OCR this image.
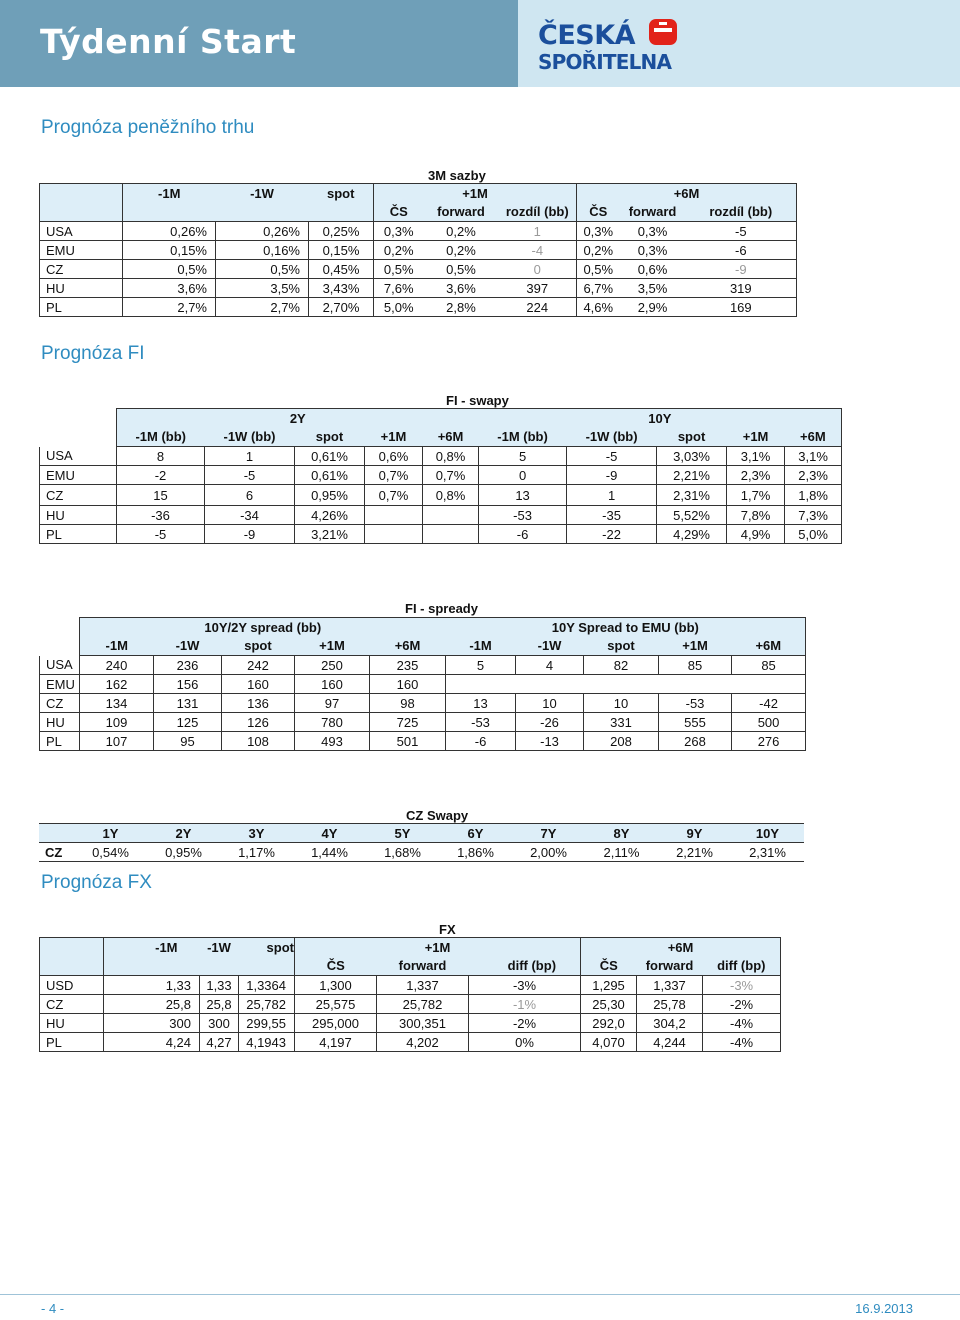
Týdenní Start	ČESKÁ
SPOŘITELNA
Prognóza peněžního trhu
3M sazby
	-1M	-1W	spot	+1M			+6M		
				ČS	forward	rozdíl (bb)	ČS	forward	rozdíl (bb)
USA	0,26%	0,26%	0,25%	0,3%	0,2%	1	0,3%	0,3%	-5
EMU	0,15%	0,16%	0,15%	0,2%	0,2%	-4	0,2%	0,3%	-6
CZ	0,5%	0,5%	0,45%	0,5%	0,5%	0	0,5%	0,6%	-9
HU	3,6%	3,5%	3,43%	7,6%	3,6%	397	6,7%	3,5%	319
PL	2,7%	2,7%	2,70%	5,0%	2,8%	224	4,6%	2,9%	169
Prognóza FI
FI - swapy
	2Y					10Y				
	-1M (bb)	-1W (bb)	spot	+1M	+6M	-1M (bb)	-1W (bb)	spot	+1M	+6M
USA	8	1	0,61%	0,6%	0,8%	5	-5	3,03%	3,1%	3,1%
EMU	-2	-5	0,61%	0,7%	0,7%	0	-9	2,21%	2,3%	2,3%
CZ	15	6	0,95%	0,7%	0,8%	13	1	2,31%	1,7%	1,8%
HU	-36	-34	4,26%			-53	-35	5,52%	7,8%	7,3%
PL	-5	-9	3,21%			-6	-22	4,29%	4,9%	5,0%
FI - spready
	10Y/2Y spread (bb)					10Y Spread to EMU (bb)				
	-1M	-1W	spot	+1M	+6M	-1M	-1W	spot	+1M	+6M
USA	240	236	242	250	235	5	4	82	85	85
EMU	162	156	160	160	160					
CZ	134	131	136	97	98	13	10	10	-53	-42
HU	109	125	126	780	725	-53	-26	331	555	500
PL	107	95	108	493	501	-6	-13	208	268	276
CZ Swapy
	1Y	2Y	3Y	4Y	5Y	6Y	7Y	8Y	9Y	10Y
CZ	0,54%	0,95%	1,17%	1,44%	1,68%	1,86%	2,00%	2,11%	2,21%	2,31%
Prognóza FX
FX
	-1M	-1W	spot	+1M			+6M		
				ČS	forward	diff (bp)	ČS	forward	diff (bp)
USD	1,33	1,33	1,3364	1,300	1,337	-3%	1,295	1,337	-3%
CZ	25,8	25,8	25,782	25,575	25,782	-1%	25,30	25,78	-2%
HU	300	300	299,55	295,000	300,351	-2%	292,0	304,2	-4%
PL	4,24	4,27	4,1943	4,197	4,202	0%	4,070	4,244	-4%
- 4 -	16.9.2013
